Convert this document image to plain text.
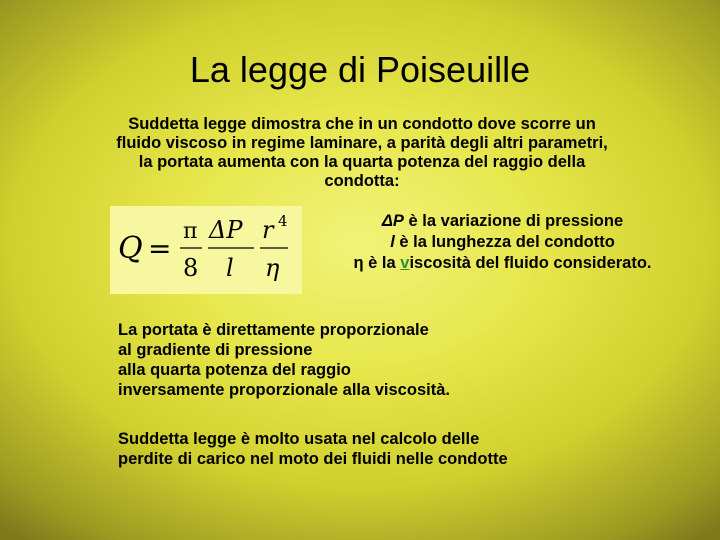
La legge di Poiseuille
Suddetta legge dimostra che in un condotto dove scorre un fluido viscoso in regime laminare, a parità degli altri parametri, la portata aumenta con la quarta potenza del raggio della condotta:
Q =
π
8
ΔP
l
r 4
η
ΔP è la variazione di pressione
l è la lunghezza del condotto
η è la viscosità del fluido considerato.
La portata è direttamente proporzionale
al gradiente di pressione
alla quarta potenza del raggio
inversamente proporzionale alla viscosità.
Suddetta legge è molto usata nel calcolo delle
perdite di carico nel moto dei fluidi nelle condotte
